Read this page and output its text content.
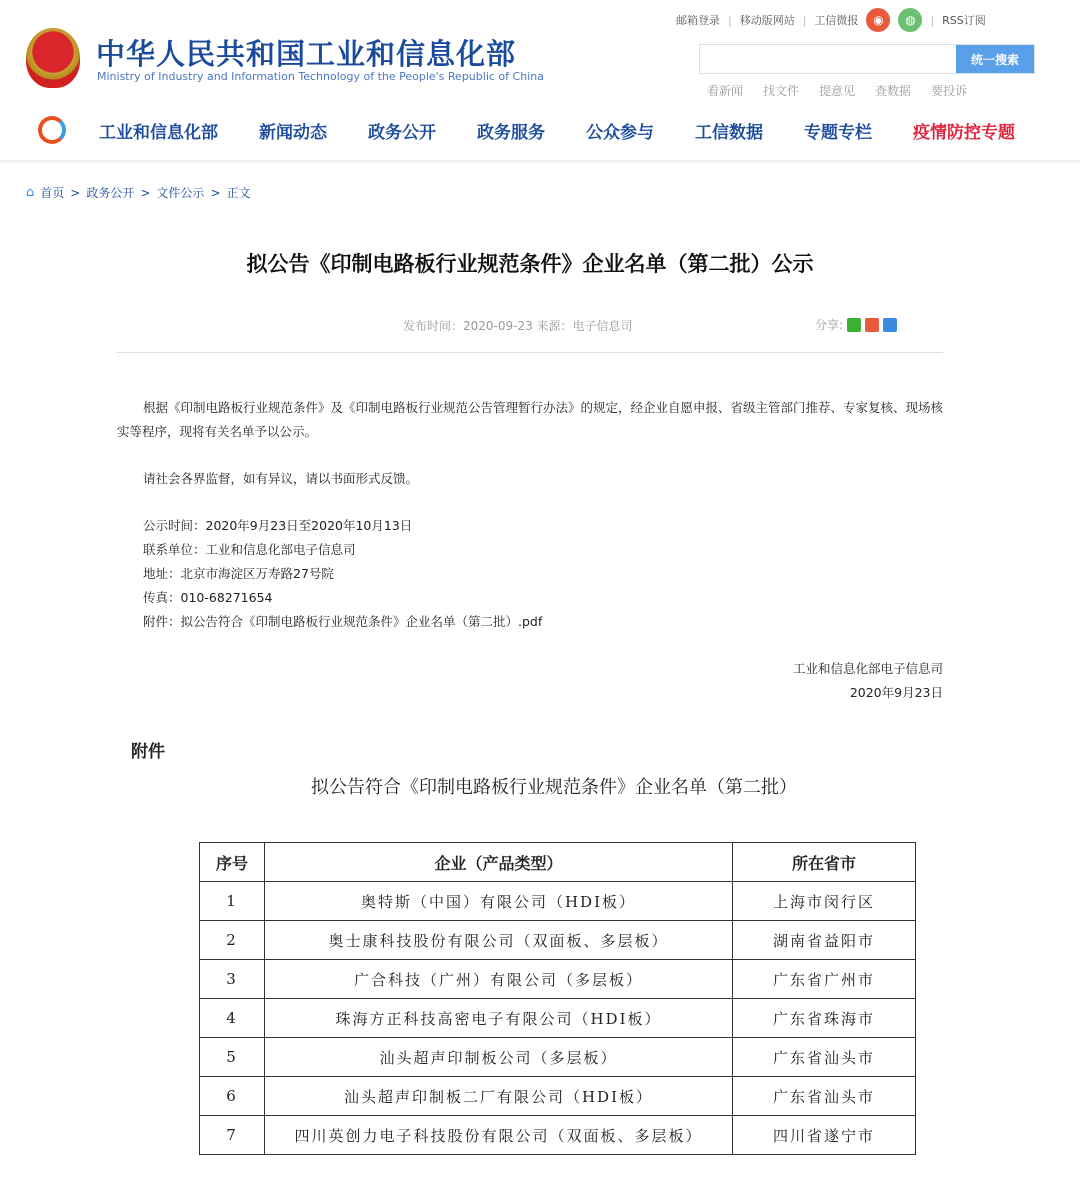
邮箱登录 | 移动版网站 | 工信微报	◉	◍	| RSS订阅
中华人民共和国工业和信息化部
Ministry of Industry and Information Technology of the People's Republic of China
统一搜索
看新闻 找文件 提意见 查数据 要投诉
工业和信息化部 新闻动态 政务公开 政务服务 公众参与 工信数据 专题专栏 疫情防控专题
⌂ 首页 > 政务公开 > 文件公示 > 正文
拟公告《印制电路板行业规范条件》企业名单（第二批）公示
发布时间：2020-09-23 来源：电子信息司	分享:

根据《印制电路板行业规范条件》及《印制电路板行业规范公告管理暂行办法》的规定，经企业自愿申报、省级主管部门推荐、专家复核、现场核实等程序，现将有关名单予以公示。

请社会各界监督，如有异议，请以书面形式反馈。

公示时间：2020年9月23日至2020年10月13日

联系单位：工业和信息化部电子信息司

地址：北京市海淀区万寿路27号院

传真：010-68271654

附件：拟公告符合《印制电路板行业规范条件》企业名单（第二批）.pdf

工业和信息化部电子信息司
2020年9月23日
附件
拟公告符合《印制电路板行业规范条件》企业名单（第二批）
序号	企业（产品类型）	所在省市
1	奥特斯（中国）有限公司（HDI板）	上海市闵行区
2	奥士康科技股份有限公司（双面板、多层板）	湖南省益阳市
3	广合科技（广州）有限公司（多层板）	广东省广州市
4	珠海方正科技高密电子有限公司（HDI板）	广东省珠海市
5	汕头超声印制板公司（多层板）	广东省汕头市
6	汕头超声印制板二厂有限公司（HDI板）	广东省汕头市
7	四川英创力电子科技股份有限公司（双面板、多层板）	四川省遂宁市
